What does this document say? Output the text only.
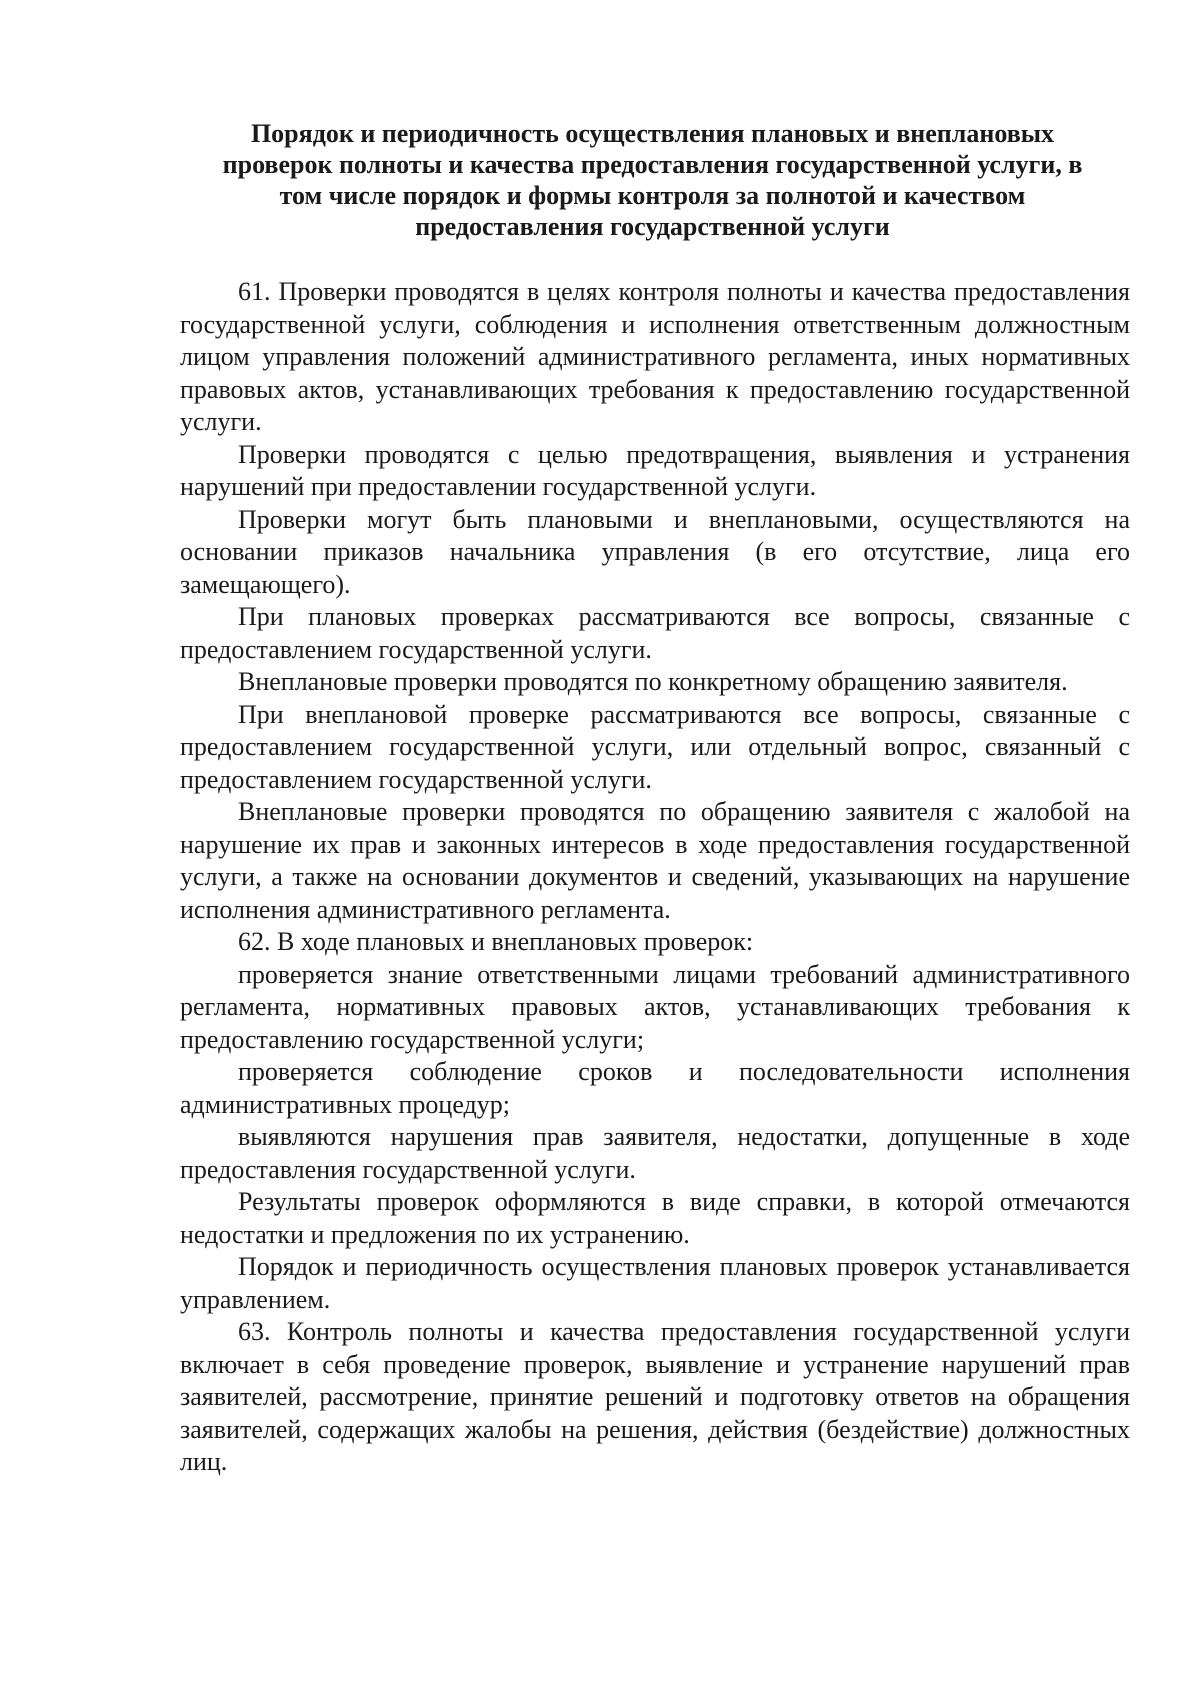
Порядок и периодичность осуществления плановых и внеплановых
проверок полноты и качества предоставления государственной услуги, в
том числе порядок и формы контроля за полнотой и качеством
предоставления государственной услуги

61. Проверки проводятся в целях контроля полноты и качества предоставления государственной услуги, соблюдения и исполнения ответственным должностным лицом управления положений административного регламента, иных нормативных правовых актов, устанавливающих требования к предоставлению государственной услуги.

Проверки проводятся с целью предотвращения, выявления и устранения нарушений при предоставлении государственной услуги.

Проверки могут быть плановыми и внеплановыми, осуществляются на основании приказов начальника управления (в его отсутствие, лица его замещающего).

При плановых проверках рассматриваются все вопросы, связанные с предоставлением государственной услуги.

Внеплановые проверки проводятся по конкретному обращению заявителя.

При внеплановой проверке рассматриваются все вопросы, связанные с предоставлением государственной услуги, или отдельный вопрос, связанный с предоставлением государственной услуги.

Внеплановые проверки проводятся по обращению заявителя с жалобой на нарушение их прав и законных интересов в ходе предоставления государственной услуги, а также на основании документов и сведений, указывающих на нарушение исполнения административного регламента.

62. В ходе плановых и внеплановых проверок:

проверяется знание ответственными лицами требований административного регламента, нормативных правовых актов, устанавливающих требования к предоставлению государственной услуги;

проверяется соблюдение сроков и последовательности исполнения административных процедур;

выявляются нарушения прав заявителя, недостатки, допущенные в ходе предоставления государственной услуги.

Результаты проверок оформляются в виде справки, в которой отмечаются недостатки и предложения по их устранению.

Порядок и периодичность осуществления плановых проверок устанавливается управлением.

63. Контроль полноты и качества предоставления государственной услуги включает в себя проведение проверок, выявление и устранение нарушений прав заявителей, рассмотрение, принятие решений и подготовку ответов на обращения заявителей, содержащих жалобы на решения, действия (бездействие) должностных лиц.
